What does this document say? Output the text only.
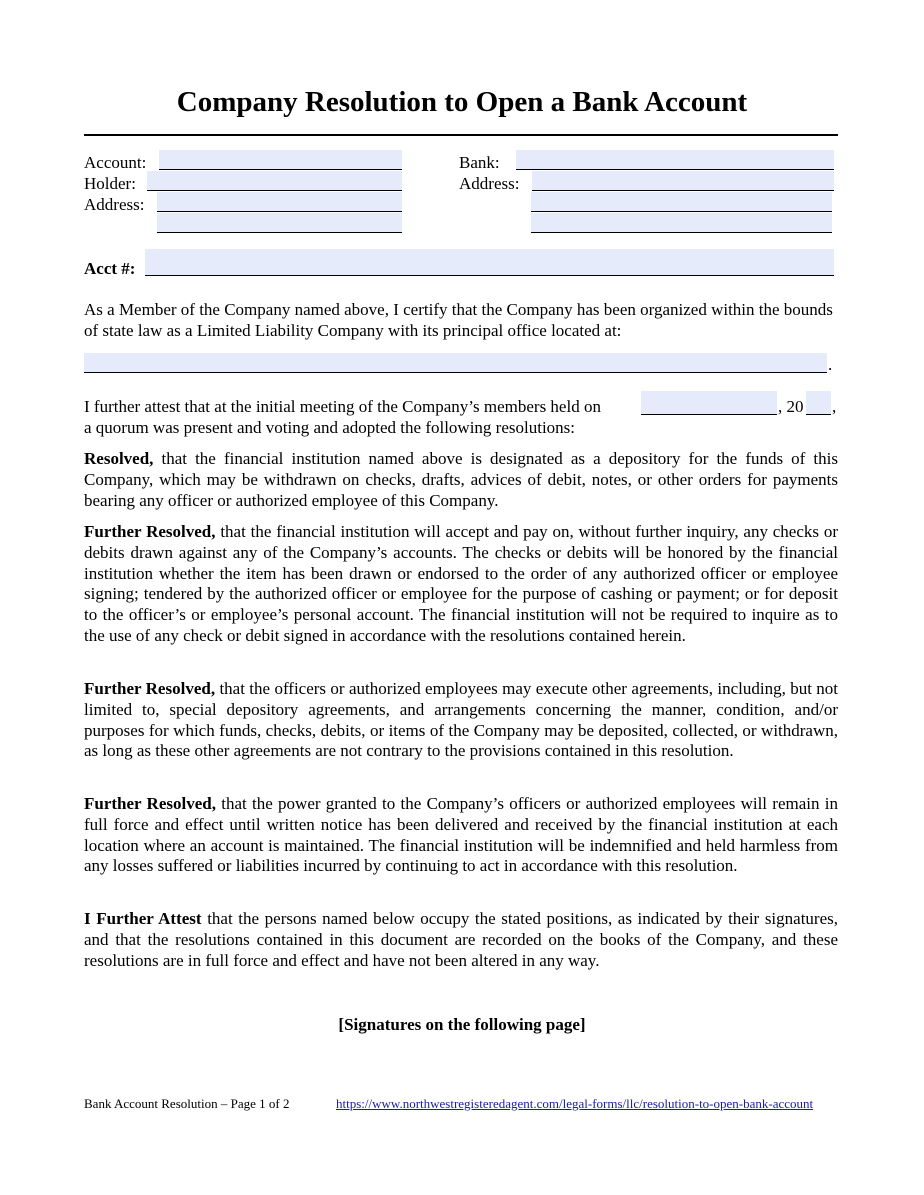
Company Resolution to Open a Bank Account
Account:
Holder:
Address:
Bank:
Address:
Acct #:

As a Member of the Company named above, I certify that the Company has been organized within the bounds of state law as a Limited Liability Company with its principal office located at:

.
I further attest that at the initial meeting of the Company’s members held on	, 20 ,
a quorum was present and voting and adopted the following resolutions:

Resolved, that the financial institution named above is designated as a depository for the funds of this Company, which may be withdrawn on checks, drafts, advices of debit, notes, or other orders for payments bearing any officer or authorized employee of this Company.

Further Resolved, that the financial institution will accept and pay on, without further inquiry, any checks or debits drawn against any of the Company’s accounts. The checks or debits will be honored by the financial institution whether the item has been drawn or endorsed to the order of any authorized officer or employee signing; tendered by the authorized officer or employee for the purpose of cashing or payment; or for deposit to the officer’s or employee’s personal account. The financial institution will not be required to inquire as to the use of any check or debit signed in accordance with the resolutions contained herein.

Further Resolved, that the officers or authorized employees may execute other agreements, including, but not limited to, special depository agreements, and arrangements concerning the manner, condition, and/or purposes for which funds, checks, debits, or items of the Company may be deposited, collected, or withdrawn, as long as these other agreements are not contrary to the provisions contained in this resolution.

Further Resolved, that the power granted to the Company’s officers or authorized employees will remain in full force and effect until written notice has been delivered and received by the financial institution at each location where an account is maintained. The financial institution will be indemnified and held harmless from any losses suffered or liabilities incurred by continuing to act in accordance with this resolution.

I Further Attest that the persons named below occupy the stated positions, as indicated by their signatures, and that the resolutions contained in this document are recorded on the books of the Company, and these resolutions are in full force and effect and have not been altered in any way.

[Signatures on the following page]
Bank Account Resolution – Page 1 of 2	https://www.northwestregisteredagent.com/legal-forms/llc/resolution-to-open-bank-account
